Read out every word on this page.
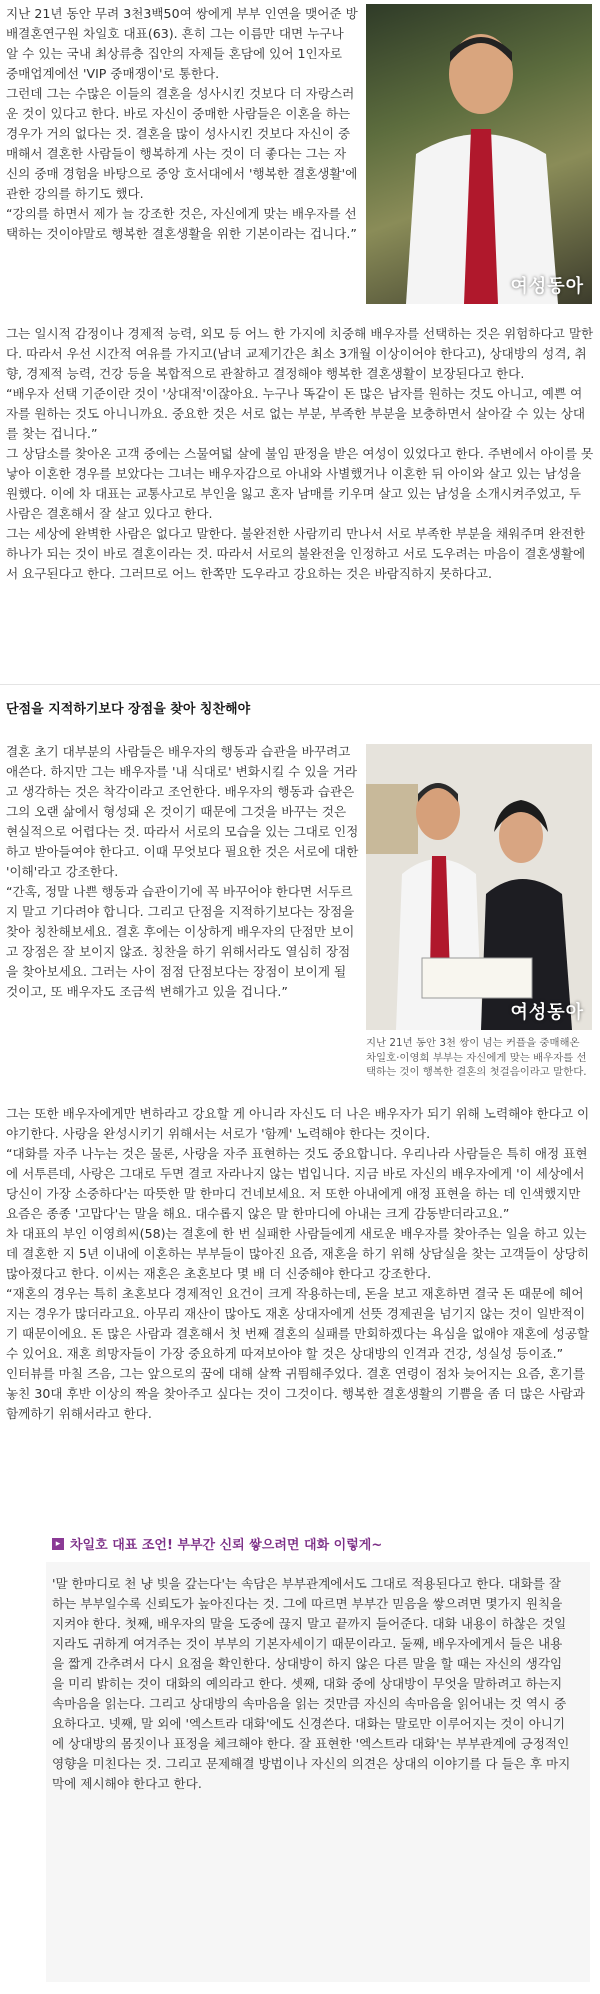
지난 21년 동안 무려 3천3백50여 쌍에게 부부 인연을 맺어준 방배결혼연구원 차일호 대표(63). 흔히 그는 이름만 대면 누구나 알 수 있는 국내 최상류층 집안의 자제들 혼담에 있어 1인자로 중매업계에선 'VIP 중매쟁이'로 통한다.

그런데 그는 수많은 이들의 결혼을 성사시킨 것보다 더 자랑스러운 것이 있다고 한다. 바로 자신이 중매한 사람들은 이혼을 하는 경우가 거의 없다는 것. 결혼을 많이 성사시킨 것보다 자신이 중매해서 결혼한 사람들이 행복하게 사는 것이 더 좋다는 그는 자신의 중매 경험을 바탕으로 중앙 호서대에서 '행복한 결혼생활'에 관한 강의를 하기도 했다.

“강의를 하면서 제가 늘 강조한 것은, 자신에게 맞는 배우자를 선택하는 것이야말로 행복한 결혼생활을 위한 기본이라는 겁니다.”

여성동아

그는 일시적 감정이나 경제적 능력, 외모 등 어느 한 가지에 치중해 배우자를 선택하는 것은 위험하다고 말한다. 따라서 우선 시간적 여유를 가지고(남녀 교제기간은 최소 3개월 이상이어야 한다고), 상대방의 성격, 취향, 경제적 능력, 건강 등을 복합적으로 관찰하고 결정해야 행복한 결혼생활이 보장된다고 한다.

“배우자 선택 기준이란 것이 '상대적'이잖아요. 누구나 똑같이 돈 많은 남자를 원하는 것도 아니고, 예쁜 여자를 원하는 것도 아니니까요. 중요한 것은 서로 없는 부분, 부족한 부분을 보충하면서 살아갈 수 있는 상대를 찾는 겁니다.”

그 상담소를 찾아온 고객 중에는 스물여덟 살에 불임 판정을 받은 여성이 있었다고 한다. 주변에서 아이를 못 낳아 이혼한 경우를 보았다는 그녀는 배우자감으로 아내와 사별했거나 이혼한 뒤 아이와 살고 있는 남성을 원했다. 이에 차 대표는 교통사고로 부인을 잃고 혼자 남매를 키우며 살고 있는 남성을 소개시켜주었고, 두 사람은 결혼해서 잘 살고 있다고 한다.

그는 세상에 완벽한 사람은 없다고 말한다. 불완전한 사람끼리 만나서 서로 부족한 부분을 채워주며 완전한 하나가 되는 것이 바로 결혼이라는 것. 따라서 서로의 불완전을 인정하고 서로 도우려는 마음이 결혼생활에서 요구된다고 한다. 그러므로 어느 한쪽만 도우라고 강요하는 것은 바람직하지 못하다고.

단점을 지적하기보다 장점을 찾아 칭찬해야

결혼 초기 대부분의 사람들은 배우자의 행동과 습관을 바꾸려고 애쓴다. 하지만 그는 배우자를 '내 식대로' 변화시킬 수 있을 거라고 생각하는 것은 착각이라고 조언한다. 배우자의 행동과 습관은 그의 오랜 삶에서 형성돼 온 것이기 때문에 그것을 바꾸는 것은 현실적으로 어렵다는 것. 따라서 서로의 모습을 있는 그대로 인정하고 받아들여야 한다고. 이때 무엇보다 필요한 것은 서로에 대한 '이해'라고 강조한다.

“간혹, 정말 나쁜 행동과 습관이기에 꼭 바꾸어야 한다면 서두르지 말고 기다려야 합니다. 그리고 단점을 지적하기보다는 장점을 찾아 칭찬해보세요. 결혼 후에는 이상하게 배우자의 단점만 보이고 장점은 잘 보이지 않죠. 칭찬을 하기 위해서라도 열심히 장점을 찾아보세요. 그러는 사이 점점 단점보다는 장점이 보이게 될 것이고, 또 배우자도 조금씩 변해가고 있을 겁니다.”

여성동아
지난 21년 동안 3천 쌍이 넘는 커플을 중매해온 차일호·이영희 부부는 자신에게 맞는 배우자를 선택하는 것이 행복한 결혼의 첫걸음이라고 말한다.

그는 또한 배우자에게만 변하라고 강요할 게 아니라 자신도 더 나은 배우자가 되기 위해 노력해야 한다고 이야기한다. 사랑을 완성시키기 위해서는 서로가 '함께' 노력해야 한다는 것이다.

“대화를 자주 나누는 것은 물론, 사랑을 자주 표현하는 것도 중요합니다. 우리나라 사람들은 특히 애정 표현에 서투른데, 사랑은 그대로 두면 결코 자라나지 않는 법입니다. 지금 바로 자신의 배우자에게 '이 세상에서 당신이 가장 소중하다'는 따뜻한 말 한마디 건네보세요. 저 또한 아내에게 애정 표현을 하는 데 인색했지만 요즘은 종종 '고맙다'는 말을 해요. 대수롭지 않은 말 한마디에 아내는 크게 감동받더라고요.”

차 대표의 부인 이영희씨(58)는 결혼에 한 번 실패한 사람들에게 새로운 배우자를 찾아주는 일을 하고 있는데 결혼한 지 5년 이내에 이혼하는 부부들이 많아진 요즘, 재혼을 하기 위해 상담실을 찾는 고객들이 상당히 많아졌다고 한다. 이씨는 재혼은 초혼보다 몇 배 더 신중해야 한다고 강조한다.

“재혼의 경우는 특히 초혼보다 경제적인 요건이 크게 작용하는데, 돈을 보고 재혼하면 결국 돈 때문에 헤어지는 경우가 많더라고요. 아무리 재산이 많아도 재혼 상대자에게 선뜻 경제권을 넘기지 않는 것이 일반적이기 때문이에요. 돈 많은 사람과 결혼해서 첫 번째 결혼의 실패를 만회하겠다는 욕심을 없애야 재혼에 성공할 수 있어요. 재혼 희망자들이 가장 중요하게 따져보아야 할 것은 상대방의 인격과 건강, 성실성 등이죠.”

인터뷰를 마칠 즈음, 그는 앞으로의 꿈에 대해 살짝 귀띔해주었다. 결혼 연령이 점차 늦어지는 요즘, 혼기를 놓친 30대 후반 이상의 짝을 찾아주고 싶다는 것이 그것이다. 행복한 결혼생활의 기쁨을 좀 더 많은 사람과 함께하기 위해서라고 한다.

▸ 차일호 대표 조언! 부부간 신뢰 쌓으려면 대화 이렇게~

'말 한마디로 천 냥 빚을 갚는다'는 속담은 부부관계에서도 그대로 적용된다고 한다. 대화를 잘하는 부부일수록 신뢰도가 높아진다는 것. 그에 따르면 부부간 믿음을 쌓으려면 몇가지 원칙을 지켜야 한다. 첫째, 배우자의 말을 도중에 끊지 말고 끝까지 들어준다. 대화 내용이 하찮은 것일지라도 귀하게 여겨주는 것이 부부의 기본자세이기 때문이라고. 둘째, 배우자에게서 들은 내용을 짧게 간추려서 다시 요점을 확인한다. 상대방이 하지 않은 다른 말을 할 때는 자신의 생각임을 미리 밝히는 것이 대화의 예의라고 한다. 셋째, 대화 중에 상대방이 무엇을 말하려고 하는지 속마음을 읽는다. 그리고 상대방의 속마음을 읽는 것만큼 자신의 속마음을 읽어내는 것 역시 중요하다고. 넷째, 말 외에 '엑스트라 대화'에도 신경쓴다. 대화는 말로만 이루어지는 것이 아니기에 상대방의 몸짓이나 표정을 체크해야 한다. 잘 표현한 '엑스트라 대화'는 부부관계에 긍정적인 영향을 미친다는 것. 그리고 문제해결 방법이나 자신의 의견은 상대의 이야기를 다 들은 후 마지막에 제시해야 한다고 한다.
